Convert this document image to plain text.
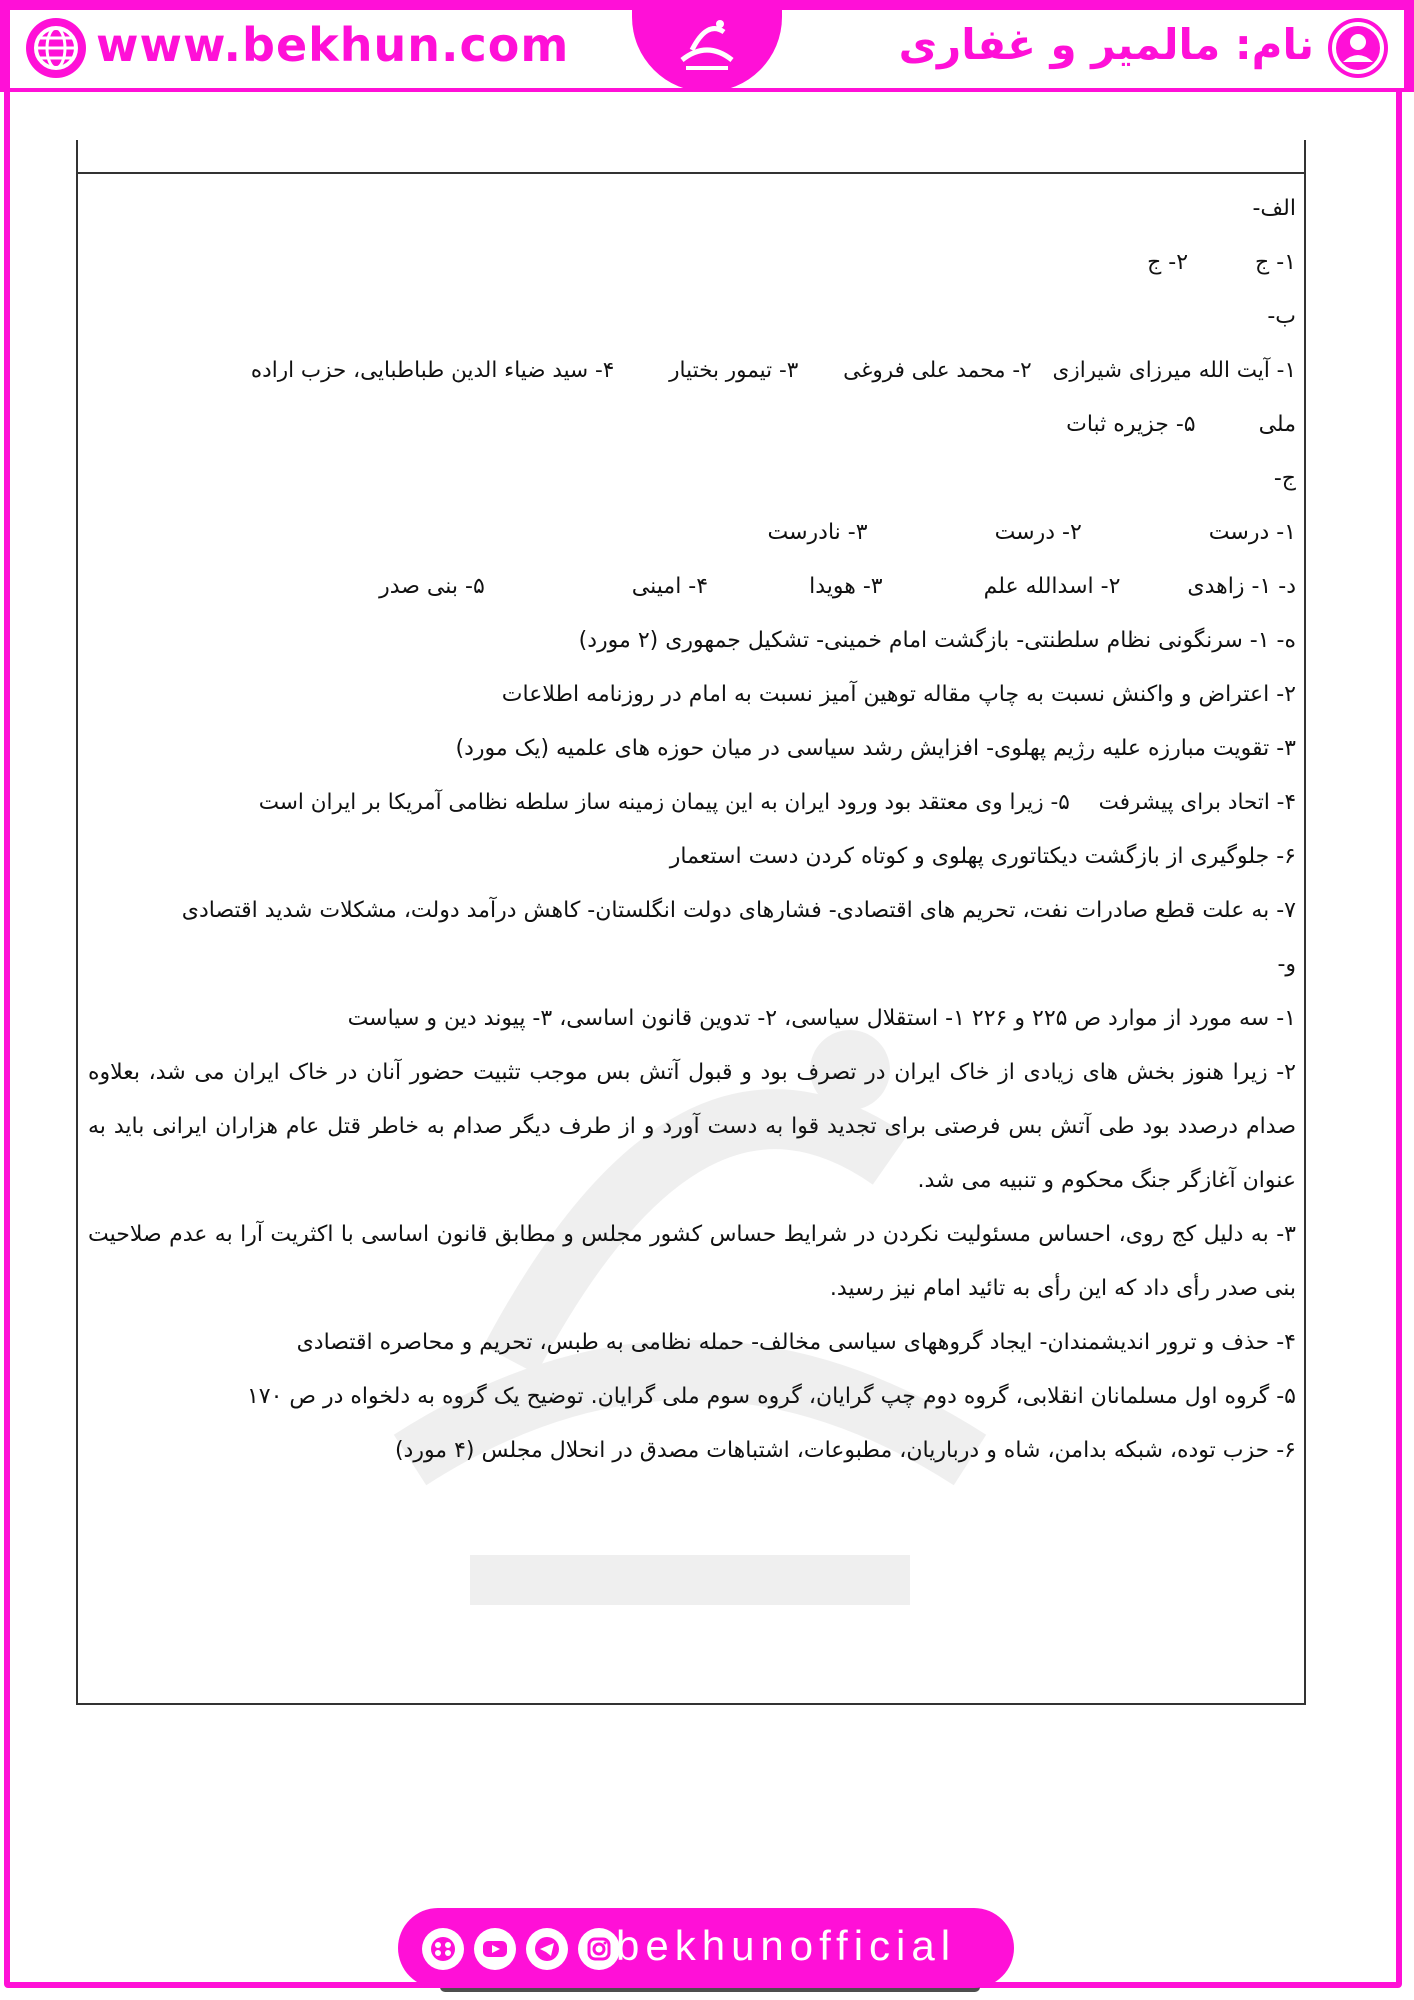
www.bekhun.com	نام: مالمیر و غفاری
الف-
۱- ج ۲- ج
ب-
۱- آیت الله میرزای شیرازی ۲- محمد علی فروغی ۳- تیمور بختیار ۴- سید ضیاء الدین طباطبایی، حزب اراده
ملی ۵- جزیره ثبات
ج-
۱- درست ۲- درست ۳- نادرست
د- ۱- زاهدی ۲- اسدالله علم ۳- هویدا ۴- امینی ۵- بنی صدر
ه- ۱- سرنگونی نظام سلطنتی- بازگشت امام خمینی- تشکیل جمهوری (۲ مورد)
۲- اعتراض و واکنش نسبت به چاپ مقاله توهین آمیز نسبت به امام در روزنامه اطلاعات
۳- تقویت مبارزه علیه رژیم پهلوی- افزایش رشد سیاسی در میان حوزه های علمیه (یک مورد)
۴- اتحاد برای پیشرفت ۵- زیرا وی معتقد بود ورود ایران به این پیمان زمینه ساز سلطه نظامی آمریکا بر ایران است
۶- جلوگیری از بازگشت دیکتاتوری پهلوی و کوتاه کردن دست استعمار
۷- به علت قطع صادرات نفت، تحریم های اقتصادی- فشارهای دولت انگلستان- کاهش درآمد دولت، مشکلات شدید اقتصادی
و-
۱- سه مورد از موارد ص ۲۲۵ و ۲۲۶ ۱- استقلال سیاسی، ۲- تدوین قانون اساسی، ۳- پیوند دین و سیاست
۲- زیرا هنوز بخش های زیادی از خاک ایران در تصرف بود و قبول آتش بس موجب تثبیت حضور آنان در خاک ایران می شد، بعلاوه صدام درصدد بود طی آتش بس فرصتی برای تجدید قوا به دست آورد و از طرف دیگر صدام به خاطر قتل عام هزاران ایرانی باید به عنوان آغازگر جنگ محکوم و تنبیه می شد.
۳- به دلیل کج روی، احساس مسئولیت نکردن در شرایط حساس کشور مجلس و مطابق قانون اساسی با اکثریت آرا به عدم صلاحیت بنی صدر رأی داد که این رأی به تائید امام نیز رسید.
۴- حذف و ترور اندیشمندان- ایجاد گروههای سیاسی مخالف- حمله نظامی به طبس، تحریم و محاصره اقتصادی
۵- گروه اول مسلمانان انقلابی، گروه دوم چپ گرایان، گروه سوم ملی گرایان. توضیح یک گروه به دلخواه در ص ۱۷۰
۶- حزب توده، شبکه بدامن، شاه و درباریان، مطبوعات، اشتباهات مصدق در انحلال مجلس (۴ مورد)
bekhunofficial
